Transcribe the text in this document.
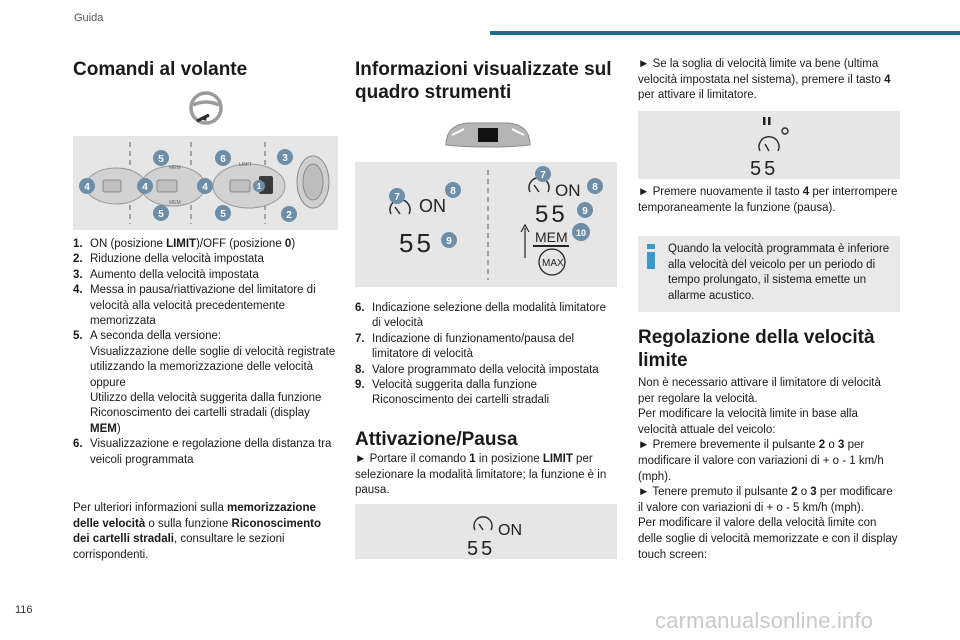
Guida
Comandi al volante
MEM
MEM
LIMIT
4
5
4
5
6
4
5
1
3
2
1. ON (posizione LIMIT)/OFF (posizione 0)
2. Riduzione della velocità impostata
3. Aumento della velocità impostata
4. Messa in pausa/riattivazione del limitatore di velocità alla velocità precedentemente memorizzata
5. A seconda della versione:
Visualizzazione delle soglie di velocità registrate utilizzando la memorizzazione delle velocità
oppure
Utilizzo della velocità suggerita dalla funzione Riconoscimento dei cartelli stradali (display MEM)
6. Visualizzazione e regolazione della distanza tra veicoli programmata

Per ulteriori informazioni sulla memorizzazione delle velocità o sulla funzione Riconoscimento dei cartelli stradali, consultare le sezioni corrispondenti.

Informazioni visualizzate sul quadro strumenti
ON
55
ON
55
MEM
MAX
7
8
9
7
8
9
10
6. Indicazione selezione della modalità limitatore di velocità
7. Indicazione di funzionamento/pausa del limitatore di velocità
8. Valore programmato della velocità impostata
9. Velocità suggerita dalla funzione Riconoscimento dei cartelli stradali
Attivazione/Pausa

► Portare il comando 1 in posizione LIMIT per selezionare la modalità limitatore; la funzione è in pausa.

ON
55

► Se la soglia di velocità limite va bene (ultima velocità impostata nel sistema), premere il tasto 4 per attivare il limitatore.

55

► Premere nuovamente il tasto 4 per interrompere temporaneamente la funzione (pausa).

Regolazione della velocità limite

Non è necessario attivare il limitatore di velocità per regolare la velocità.
Per modificare la velocità limite in base alla velocità attuale del veicolo:
► Premere brevemente il pulsante 2 o 3 per modificare il valore con variazioni di + o - 1 km/h (mph).
► Tenere premuto il pulsante 2 o 3 per modificare il valore con variazioni di + o - 5 km/h (mph).
Per modificare il valore della velocità limite con delle soglie di velocità memorizzate e con il display touch screen:

Quando la velocità programmata è inferiore alla velocità del veicolo per un periodo di tempo prolungato, il sistema emette un allarme acustico.
116	carmanualsonline.info
